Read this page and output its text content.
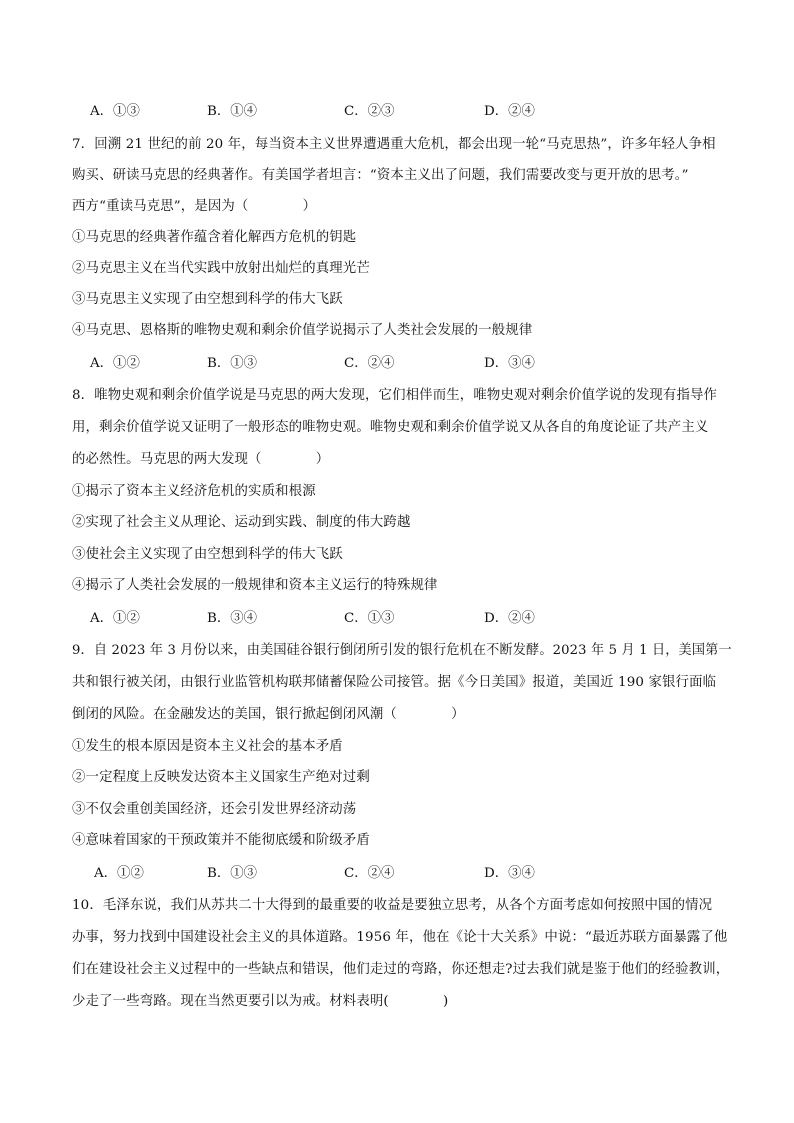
A．①③	B．①④	C．②③	D．②④
7．回溯 21 世纪的前 20 年，每当资本主义世界遭遇重大危机，都会出现一轮“马克思热”，许多年轻人争相
购买、研读马克思的经典著作。有美国学者坦言：“资本主义出了问题，我们需要改变与更开放的思考。”
西方“重读马克思”，是因为（　　　　）
①马克思的经典著作蕴含着化解西方危机的钥匙
②马克思主义在当代实践中放射出灿烂的真理光芒
③马克思主义实现了由空想到科学的伟大飞跃
④马克思、恩格斯的唯物史观和剩余价值学说揭示了人类社会发展的一般规律
A．①②	B．①③	C．②④	D．③④
8．唯物史观和剩余价值学说是马克思的两大发现，它们相伴而生，唯物史观对剩余价值学说的发现有指导作
用，剩余价值学说又证明了一般形态的唯物史观。唯物史观和剩余价值学说又从各自的角度论证了共产主义
的必然性。马克思的两大发现（　　　　）
①揭示了资本主义经济危机的实质和根源
②实现了社会主义从理论、运动到实践、制度的伟大跨越
③使社会主义实现了由空想到科学的伟大飞跃
④揭示了人类社会发展的一般规律和资本主义运行的特殊规律
A．①②	B．③④	C．①③	D．②④
9．自 2023 年 3 月份以来，由美国硅谷银行倒闭所引发的银行危机在不断发酵。2023 年 5 月 1 日，美国第一
共和银行被关闭，由银行业监管机构联邦储蓄保险公司接管。据《今日美国》报道，美国近 190 家银行面临
倒闭的风险。在金融发达的美国，银行掀起倒闭风潮（　　　　）
①发生的根本原因是资本主义社会的基本矛盾
②一定程度上反映发达资本主义国家生产绝对过剩
③不仅会重创美国经济，还会引发世界经济动荡
④意味着国家的干预政策并不能彻底缓和阶级矛盾
A．①②	B．①③	C．②④	D．③④
10．毛泽东说，我们从苏共二十大得到的最重要的收益是要独立思考，从各个方面考虑如何按照中国的情况
办事，努力找到中国建设社会主义的具体道路。1956 年，他在《论十大关系》中说：“最近苏联方面暴露了他
们在建设社会主义过程中的一些缺点和错误，他们走过的弯路，你还想走?过去我们就是鉴于他们的经验教训，
少走了一些弯路。现在当然更要引以为戒。材料表明(　　　　)
